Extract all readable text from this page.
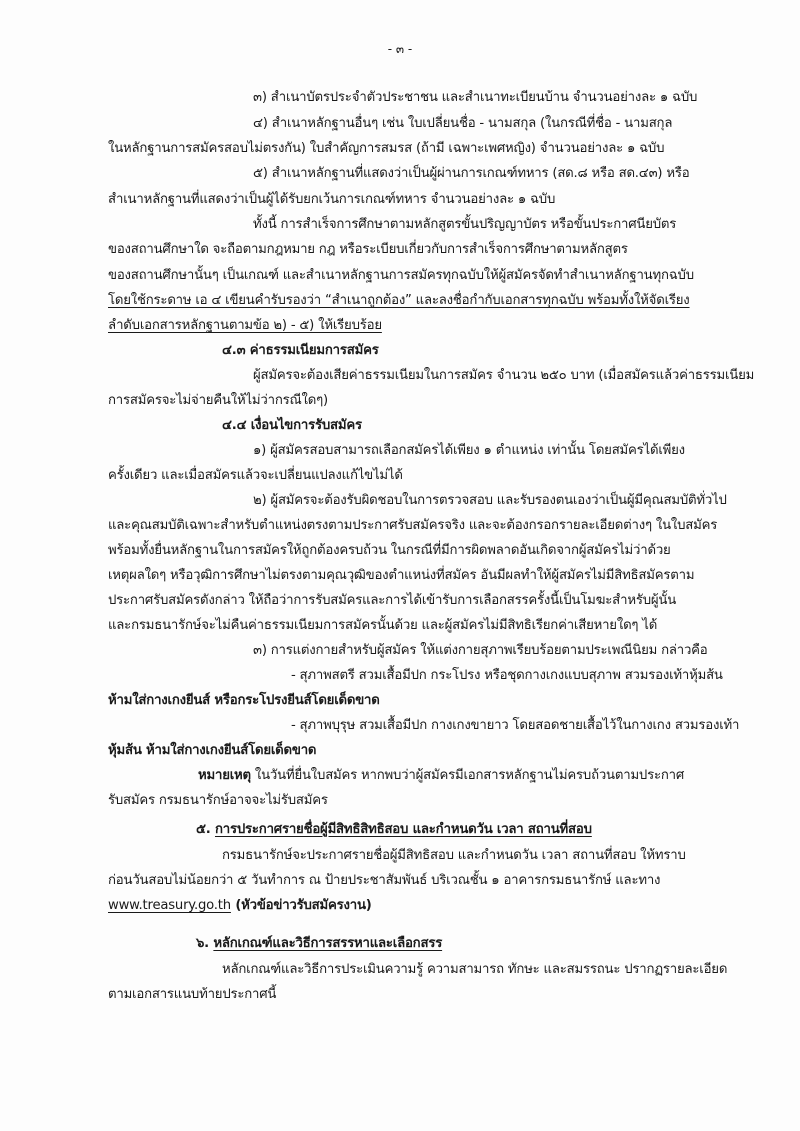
- ๓ -
๓) สำเนาบัตรประจำตัวประชาชน และสำเนาทะเบียนบ้าน จำนวนอย่างละ ๑ ฉบับ
๔) สำเนาหลักฐานอื่นๆ เช่น ใบเปลี่ยนชื่อ - นามสกุล (ในกรณีที่ชื่อ - นามสกุล
ในหลักฐานการสมัครสอบไม่ตรงกัน) ใบสำคัญการสมรส (ถ้ามี เฉพาะเพศหญิง) จำนวนอย่างละ ๑ ฉบับ
๕) สำเนาหลักฐานที่แสดงว่าเป็นผู้ผ่านการเกณฑ์ทหาร (สด.๘ หรือ สด.๔๓) หรือ
สำเนาหลักฐานที่แสดงว่าเป็นผู้ได้รับยกเว้นการเกณฑ์ทหาร จำนวนอย่างละ ๑ ฉบับ
ทั้งนี้ การสำเร็จการศึกษาตามหลักสูตรขั้นปริญญาบัตร หรือขั้นประกาศนียบัตร
ของสถานศึกษาใด จะถือตามกฎหมาย กฎ หรือระเบียบเกี่ยวกับการสำเร็จการศึกษาตามหลักสูตร
ของสถานศึกษานั้นๆ เป็นเกณฑ์ และสำเนาหลักฐานการสมัครทุกฉบับให้ผู้สมัครจัดทำสำเนาหลักฐานทุกฉบับ
โดยใช้กระดาษ เอ ๔ เขียนคำรับรองว่า “สำเนาถูกต้อง” และลงชื่อกำกับเอกสารทุกฉบับ พร้อมทั้งให้จัดเรียง
ลำดับเอกสารหลักฐานตามข้อ ๒) - ๕) ให้เรียบร้อย
๔.๓ ค่าธรรมเนียมการสมัคร
ผู้สมัครจะต้องเสียค่าธรรมเนียมในการสมัคร จำนวน ๒๕๐ บาท (เมื่อสมัครแล้วค่าธรรมเนียม
การสมัครจะไม่จ่ายคืนให้ไม่ว่ากรณีใดๆ)
๔.๔ เงื่อนไขการรับสมัคร
๑) ผู้สมัครสอบสามารถเลือกสมัครได้เพียง ๑ ตำแหน่ง เท่านั้น โดยสมัครได้เพียง
ครั้งเดียว และเมื่อสมัครแล้วจะเปลี่ยนแปลงแก้ไขไม่ได้
๒) ผู้สมัครจะต้องรับผิดชอบในการตรวจสอบ และรับรองตนเองว่าเป็นผู้มีคุณสมบัติทั่วไป
และคุณสมบัติเฉพาะสำหรับตำแหน่งตรงตามประกาศรับสมัครจริง และจะต้องกรอกรายละเอียดต่างๆ ในใบสมัคร
พร้อมทั้งยื่นหลักฐานในการสมัครให้ถูกต้องครบถ้วน ในกรณีที่มีการผิดพลาดอันเกิดจากผู้สมัครไม่ว่าด้วย
เหตุผลใดๆ หรือวุฒิการศึกษาไม่ตรงตามคุณวุฒิของตำแหน่งที่สมัคร อันมีผลทำให้ผู้สมัครไม่มีสิทธิสมัครตาม
ประกาศรับสมัครดังกล่าว ให้ถือว่าการรับสมัครและการได้เข้ารับการเลือกสรรครั้งนี้เป็นโมฆะสำหรับผู้นั้น
และกรมธนารักษ์จะไม่คืนค่าธรรมเนียมการสมัครนั้นด้วย และผู้สมัครไม่มีสิทธิเรียกค่าเสียหายใดๆ ได้
๓) การแต่งกายสำหรับผู้สมัคร ให้แต่งกายสุภาพเรียบร้อยตามประเพณีนิยม กล่าวคือ
- สุภาพสตรี สวมเสื้อมีปก กระโปรง หรือชุดกางเกงแบบสุภาพ สวมรองเท้าหุ้มส้น
ห้ามใส่กางเกงยีนส์ หรือกระโปรงยีนส์โดยเด็ดขาด
- สุภาพบุรุษ สวมเสื้อมีปก กางเกงขายาว โดยสอดชายเสื้อไว้ในกางเกง สวมรองเท้า
หุ้มส้น ห้ามใส่กางเกงยีนส์โดยเด็ดขาด
หมายเหตุ ในวันที่ยื่นใบสมัคร หากพบว่าผู้สมัครมีเอกสารหลักฐานไม่ครบถ้วนตามประกาศ
รับสมัคร กรมธนารักษ์อาจจะไม่รับสมัคร
๕. การประกาศรายชื่อผู้มีสิทธิสิทธิสอบ และกำหนดวัน เวลา สถานที่สอบ
กรมธนารักษ์จะประกาศรายชื่อผู้มีสิทธิสอบ และกำหนดวัน เวลา สถานที่สอบ ให้ทราบ
ก่อนวันสอบไม่น้อยกว่า ๕ วันทำการ ณ ป้ายประชาสัมพันธ์ บริเวณชั้น ๑ อาคารกรมธนารักษ์ และทาง
www.treasury.go.th (หัวข้อข่าวรับสมัครงาน)
๖. หลักเกณฑ์และวิธีการสรรหาและเลือกสรร
หลักเกณฑ์และวิธีการประเมินความรู้ ความสามารถ ทักษะ และสมรรถนะ ปรากฏรายละเอียด
ตามเอกสารแนบท้ายประกาศนี้
